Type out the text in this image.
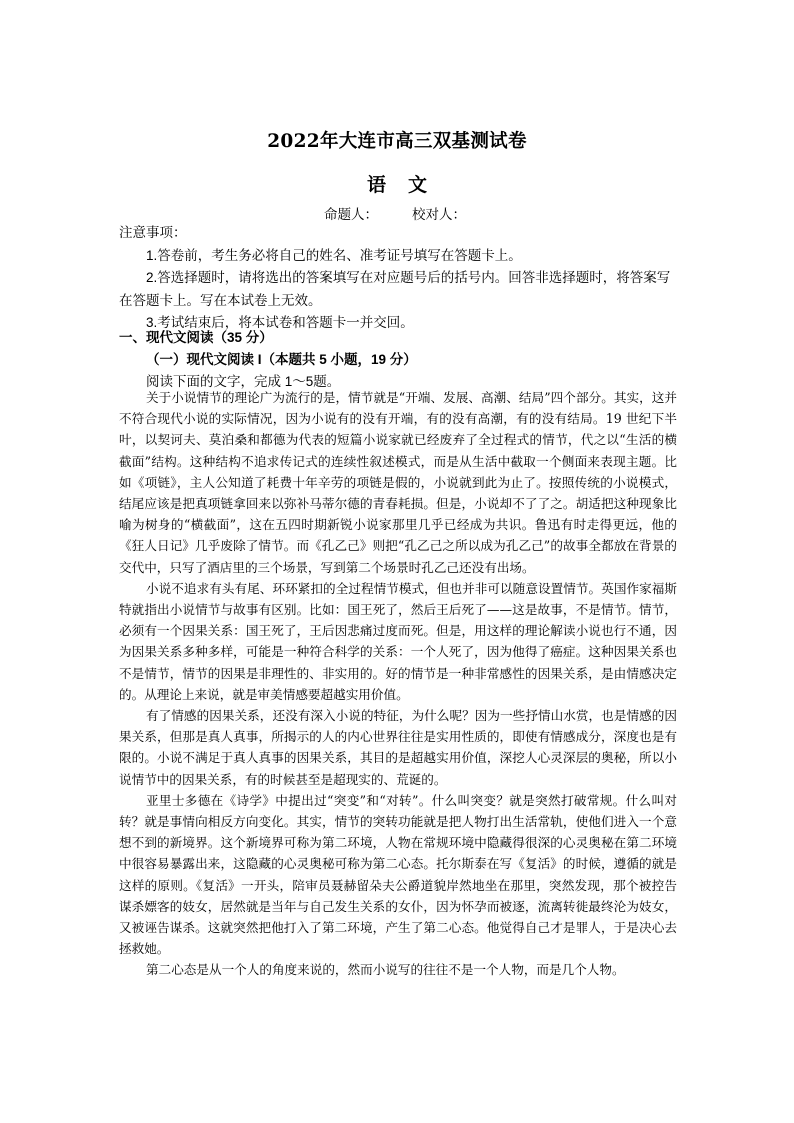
2022年大连市高三双基测试卷
语文
命题人：	校对人：

注意事项：

1.答卷前，考生务必将自己的姓名、准考证号填写在答题卡上。

2.答选择题时，请将选出的答案填写在对应题号后的括号内。回答非选择题时，将答案写在答题卡上。写在本试卷上无效。

3.考试结束后，将本试卷和答题卡一并交回。

一、现代文阅读（35 分）
（一）现代文阅读 I（本题共 5 小题，19 分）
阅读下面的文字，完成 1～5题。

关于小说情节的理论广为流行的是，情节就是“开端、发展、高潮、结局”四个部分。其实，这并不符合现代小说的实际情况，因为小说有的没有开端，有的没有高潮，有的没有结局。19 世纪下半叶，以契诃夫、莫泊桑和都德为代表的短篇小说家就已经废弃了全过程式的情节，代之以“生活的横截面”结构。这种结构不追求传记式的连续性叙述模式，而是从生活中截取一个侧面来表现主题。比如《项链》，主人公知道了耗费十年辛劳的项链是假的，小说就到此为止了。按照传统的小说模式，结尾应该是把真项链拿回来以弥补马蒂尔德的青春耗损。但是，小说却不了了之。胡适把这种现象比喻为树身的“横截面”，这在五四时期新锐小说家那里几乎已经成为共识。鲁迅有时走得更远，他的《狂人日记》几乎废除了情节。而《孔乙己》则把“孔乙己之所以成为孔乙己”的故事全都放在背景的交代中，只写了酒店里的三个场景，写到第二个场景时孔乙己还没有出场。

小说不追求有头有尾、环环紧扣的全过程情节模式，但也并非可以随意设置情节。英国作家福斯特就指出小说情节与故事有区别。比如：国王死了，然后王后死了——这是故事，不是情节。情节，必须有一个因果关系：国王死了，王后因悲痛过度而死。但是，用这样的理论解读小说也行不通，因为因果关系多种多样，可能是一种符合科学的关系：一个人死了，因为他得了癌症。这种因果关系也不是情节，情节的因果是非理性的、非实用的。好的情节是一种非常感性的因果关系，是由情感决定的。从理论上来说，就是审美情感要超越实用价值。

有了情感的因果关系，还没有深入小说的特征，为什么呢？因为一些抒情山水赏，也是情感的因果关系，但那是真人真事，所揭示的人的内心世界往往是实用性质的，即使有情感成分，深度也是有限的。小说不满足于真人真事的因果关系，其目的是超越实用价值，深挖人心灵深层的奥秘，所以小说情节中的因果关系，有的时候甚至是超现实的、荒诞的。

亚里士多德在《诗学》中提出过“突变”和“对转”。什么叫突变？就是突然打破常规。什么叫对转？就是事情向相反方向变化。其实，情节的突转功能就是把人物打出生活常轨，使他们进入一个意想不到的新境界。这个新境界可称为第二环境，人物在常规环境中隐藏得很深的心灵奥秘在第二环境中很容易暴露出来，这隐藏的心灵奥秘可称为第二心态。托尔斯泰在写《复活》的时候，遵循的就是这样的原则。《复活》一开头，陪审员聂赫留朵夫公爵道貌岸然地坐在那里，突然发现，那个被控告谋杀嫖客的妓女，居然就是当年与自己发生关系的女仆，因为怀孕而被逐，流离转徙最终沦为妓女，又被诬告谋杀。这就突然把他打入了第二环境，产生了第二心态。他觉得自己才是罪人，于是决心去拯救她。

第二心态是从一个人的角度来说的，然而小说写的往往不是一个人物，而是几个人物。
